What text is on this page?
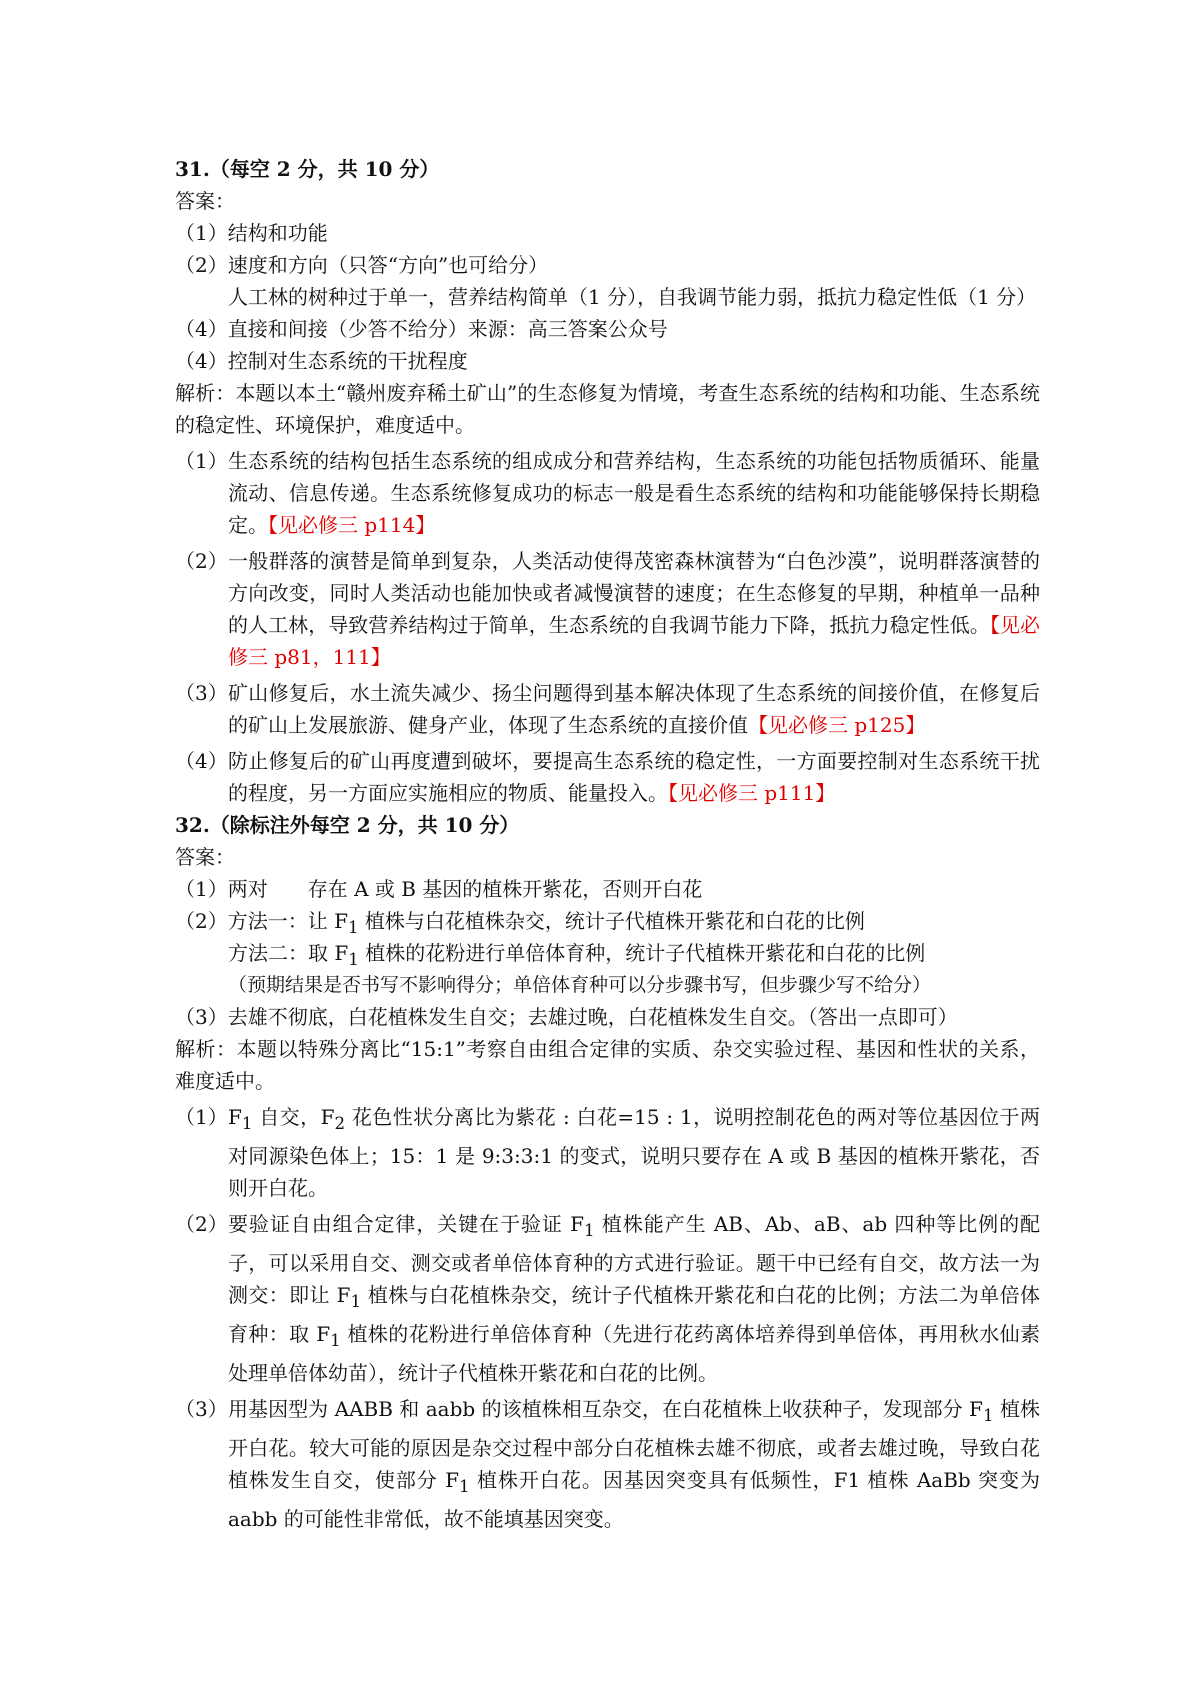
31.（每空 2 分，共 10 分）
答案：
（1）结构和功能
（2）速度和方向（只答“方向”也可给分）
人工林的树种过于单一，营养结构简单（1 分），自我调节能力弱，抵抗力稳定性低（1 分）
（4）直接和间接（少答不给分）来源：高三答案公众号
（4）控制对生态系统的干扰程度
解析：本题以本土“赣州废弃稀土矿山”的生态修复为情境，考查生态系统的结构和功能、生态系统的稳定性、环境保护，难度适中。
（1） 生态系统的结构包括生态系统的组成成分和营养结构，生态系统的功能包括物质循环、能量流动、信息传递。生态系统修复成功的标志一般是看生态系统的结构和功能能够保持长期稳定。【见必修三 p114】
（2） 一般群落的演替是简单到复杂，人类活动使得茂密森林演替为“白色沙漠”，说明群落演替的方向改变，同时人类活动也能加快或者减慢演替的速度；在生态修复的早期，种植单一品种的人工林，导致营养结构过于简单，生态系统的自我调节能力下降，抵抗力稳定性低。【见必修三 p81，111】
（3） 矿山修复后，水土流失减少、扬尘问题得到基本解决体现了生态系统的间接价值，在修复后的矿山上发展旅游、健身产业，体现了生态系统的直接价值【见必修三 p125】
（4） 防止修复后的矿山再度遭到破坏，要提高生态系统的稳定性，一方面要控制对生态系统干扰的程度，另一方面应实施相应的物质、能量投入。【见必修三 p111】
32.（除标注外每空 2 分，共 10 分）
答案：
（1）两对 存在 A 或 B 基因的植株开紫花，否则开白花
（2）方法一：让 $F_1$ 植株与白花植株杂交，统计子代植株开紫花和白花的比例
方法二：取 $F_1$ 植株的花粉进行单倍体育种，统计子代植株开紫花和白花的比例
（预期结果是否书写不影响得分；单倍体育种可以分步骤书写，但步骤少写不给分）
（3）去雄不彻底，白花植株发生自交；去雄过晚，白花植株发生自交。（答出一点即可）
解析：本题以特殊分离比“15:1”考察自由组合定律的实质、杂交实验过程、基因和性状的关系，难度适中。
（1） $F_1$ 自交，$F_2$ 花色性状分离比为紫花 : 白花=15 : 1，说明控制花色的两对等位基因位于两对同源染色体上；15：1 是 9:3:3:1 的变式，说明只要存在 A 或 B 基因的植株开紫花，否则开白花。
（2） 要验证自由组合定律，关键在于验证 $F_1$ 植株能产生 AB、Ab、aB、ab 四种等比例的配子，可以采用自交、测交或者单倍体育种的方式进行验证。题干中已经有自交，故方法一为测交：即让 $F_1$ 植株与白花植株杂交，统计子代植株开紫花和白花的比例；方法二为单倍体育种：取 $F_1$ 植株的花粉进行单倍体育种（先进行花药离体培养得到单倍体，再用秋水仙素处理单倍体幼苗），统计子代植株开紫花和白花的比例。
（3） 用基因型为 AABB 和 aabb 的该植株相互杂交，在白花植株上收获种子，发现部分 $F_1$ 植株开白花。较大可能的原因是杂交过程中部分白花植株去雄不彻底，或者去雄过晚，导致白花植株发生自交，使部分 $F_1$ 植株开白花。因基因突变具有低频性，F1 植株 AaBb 突变为 aabb 的可能性非常低，故不能填基因突变。
